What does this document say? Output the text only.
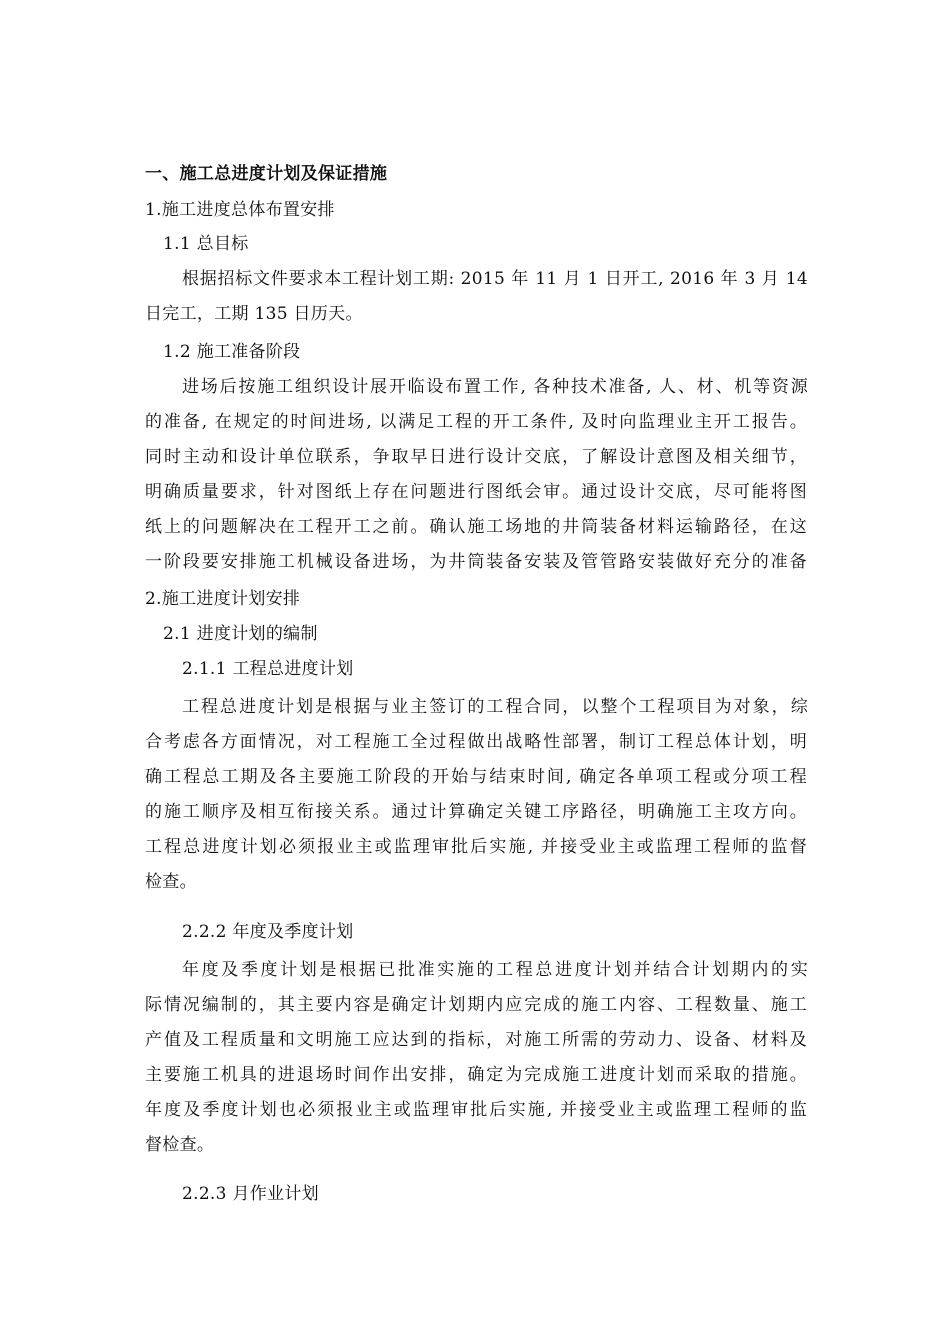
一、施工总进度计划及保证措施
1.施工进度总体布置安排
1.1 总目标
根据招标文件要求本工程计划工期: 2015 年 11 月 1 日开工, 2016 年 3 月 14
日完工，工期 135 日历天。
1.2 施工准备阶段
进场后按施工组织设计展开临设布置工作, 各种技术准备, 人、材、机等资源
的准备, 在规定的时间进场, 以满足工程的开工条件, 及时向监理业主开工报告。
同时主动和设计单位联系，争取早日进行设计交底，了解设计意图及相关细节，
明确质量要求，针对图纸上存在问题进行图纸会审。通过设计交底，尽可能将图
纸上的问题解决在工程开工之前。确认施工场地的井筒装备材料运输路径，在这
一阶段要安排施工机械设备进场，为井筒装备安装及管管路安装做好充分的准备
2.施工进度计划安排
2.1 进度计划的编制
2.1.1 工程总进度计划
工程总进度计划是根据与业主签订的工程合同，以整个工程项目为对象，综
合考虑各方面情况，对工程施工全过程做出战略性部署，制订工程总体计划，明
确工程总工期及各主要施工阶段的开始与结束时间, 确定各单项工程或分项工程
的施工顺序及相互衔接关系。通过计算确定关键工序路径，明确施工主攻方向。
工程总进度计划必须报业主或监理审批后实施, 并接受业主或监理工程师的监督
检查。
2.2.2 年度及季度计划
年度及季度计划是根据已批准实施的工程总进度计划并结合计划期内的实
际情况编制的，其主要内容是确定计划期内应完成的施工内容、工程数量、施工
产值及工程质量和文明施工应达到的指标，对施工所需的劳动力、设备、材料及
主要施工机具的进退场时间作出安排，确定为完成施工进度计划而采取的措施。
年度及季度计划也必须报业主或监理审批后实施, 并接受业主或监理工程师的监
督检查。
2.2.3 月作业计划
